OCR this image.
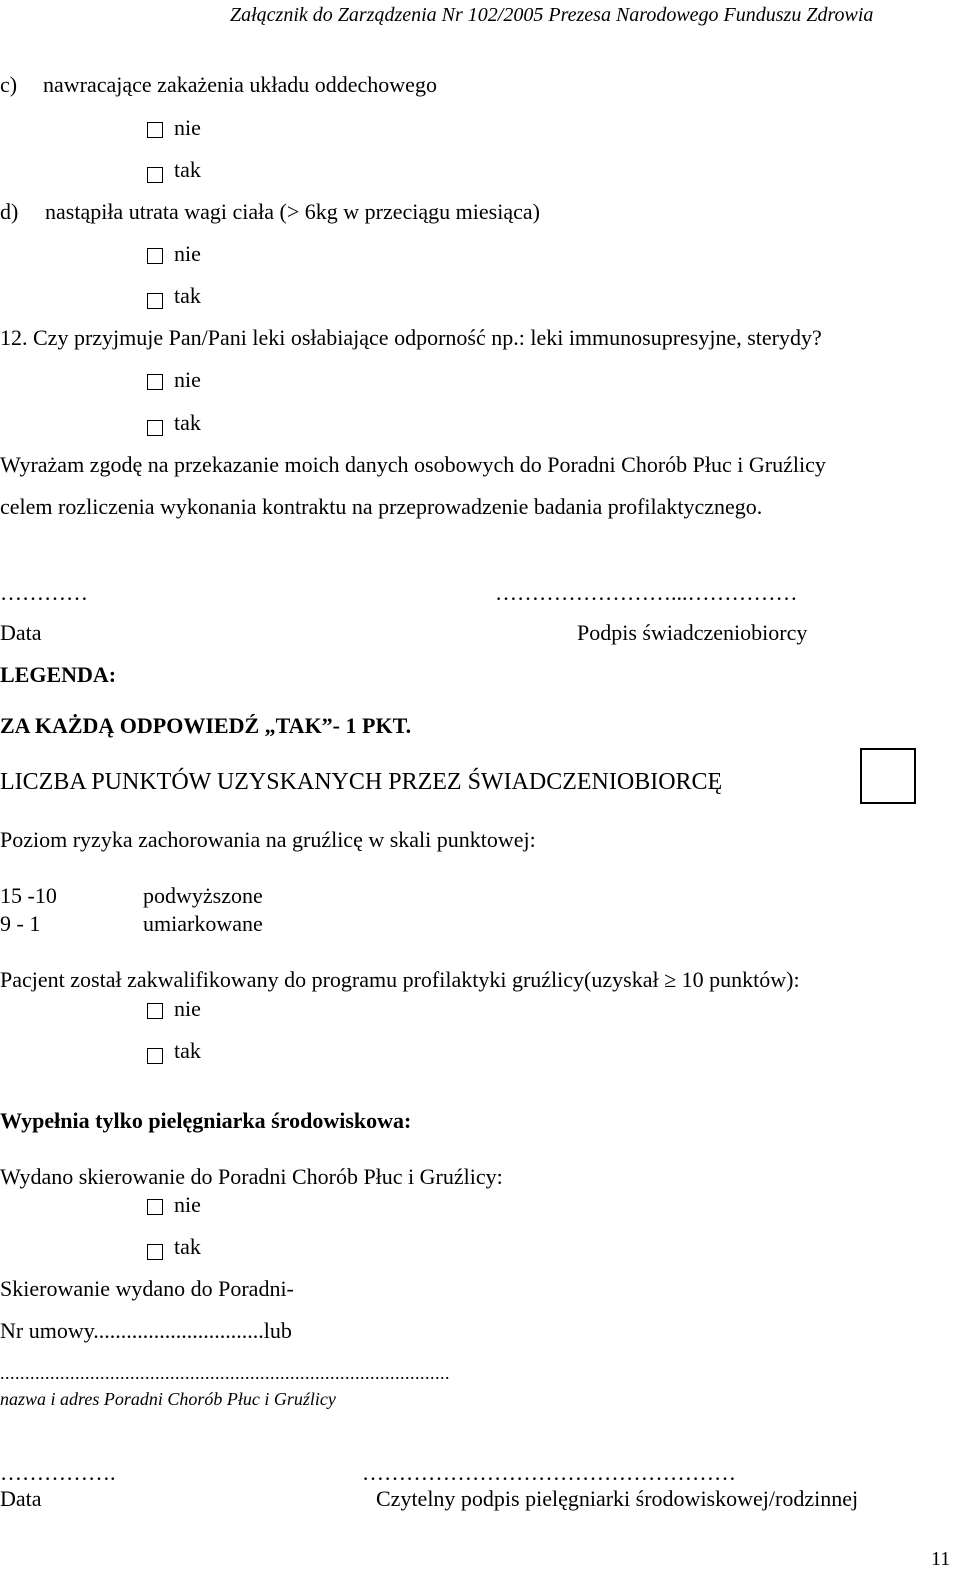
Załącznik do Zarządzenia Nr 102/2005 Prezesa Narodowego Funduszu Zdrowia
c) nawracające zakażenia układu oddechowego
nie
tak
d) nastąpiła utrata wagi ciała (> 6kg w przeciągu miesiąca)
nie
tak
12. Czy przyjmuje Pan/Pani leki osłabiające odporność np.: leki immunosupresyjne, sterydy?
nie
tak
Wyrażam zgodę na przekazanie moich danych osobowych do Poradni Chorób Płuc i Gruźlicy
celem rozliczenia wykonania kontraktu na przeprowadzenie badania profilaktycznego.
…………	……………………...……………
Data	Podpis świadczeniobiorcy
LEGENDA:
ZA KAŻDĄ ODPOWIEDŹ „TAK”- 1 PKT.
LICZBA PUNKTÓW UZYSKANYCH PRZEZ ŚWIADCZENIOBIORCĘ
Poziom ryzyka zachorowania na gruźlicę w skali punktowej:
15 -10	podwyższone
9 - 1	umiarkowane
Pacjent został zakwalifikowany do programu profilaktyki gruźlicy(uzyskał ≥ 10 punktów):
nie
tak
Wypełnia tylko pielęgniarka środowiskowa:
Wydano skierowanie do Poradni Chorób Płuc i Gruźlicy:
nie
tak
Skierowanie wydano do Poradni-
Nr umowy...............................lub
..........................................................................................
nazwa i adres Poradni Chorób Płuc i Gruźlicy
…………….	……………………………………………
Data	Czytelny podpis pielęgniarki środowiskowej/rodzinnej
11
